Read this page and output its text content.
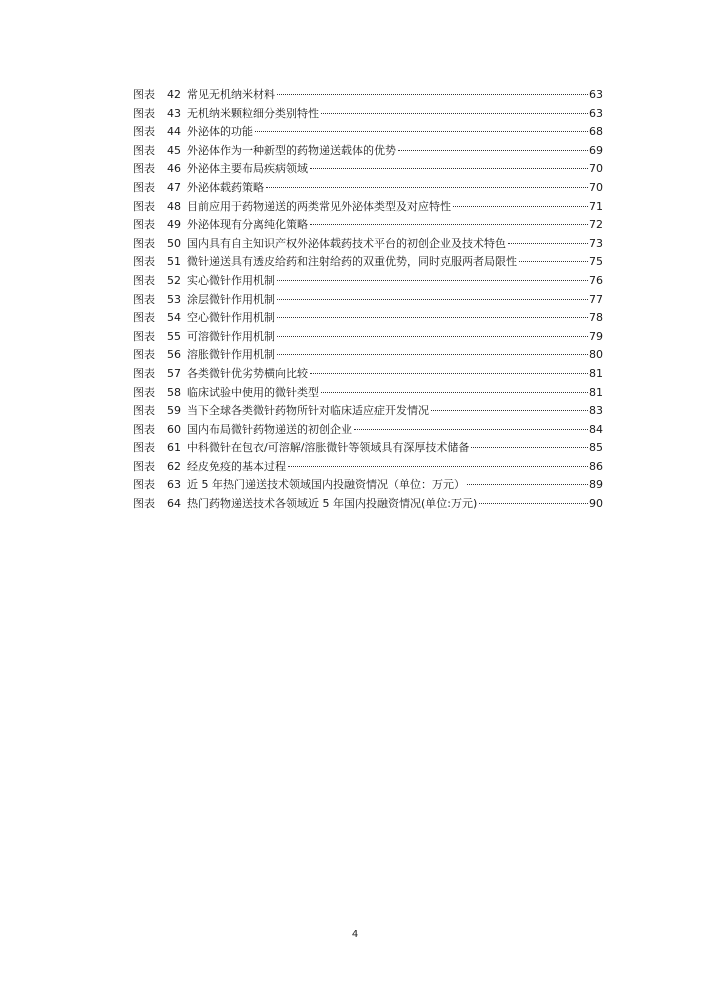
图表	42 常见无机纳米材料	63
图表	43 无机纳米颗粒细分类别特性	63
图表	44 外泌体的功能	68
图表	45 外泌体作为一种新型的药物递送载体的优势	69
图表	46 外泌体主要布局疾病领域	70
图表	47 外泌体载药策略	70
图表	48 目前应用于药物递送的两类常见外泌体类型及对应特性	71
图表	49 外泌体现有分离纯化策略	72
图表	50 国内具有自主知识产权外泌体载药技术平台的初创企业及技术特色	73
图表	51 微针递送具有透皮给药和注射给药的双重优势，同时克服两者局限性	75
图表	52 实心微针作用机制	76
图表	53 涂层微针作用机制	77
图表	54 空心微针作用机制	78
图表	55 可溶微针作用机制	79
图表	56 溶胀微针作用机制	80
图表	57 各类微针优劣势横向比较	81
图表	58 临床试验中使用的微针类型	81
图表	59 当下全球各类微针药物所针对临床适应症开发情况	83
图表	60 国内布局微针药物递送的初创企业	84
图表	61 中科微针在包衣/可溶解/溶胀微针等领域具有深厚技术储备	85
图表	62 经皮免疫的基本过程	86
图表	63 近 5 年热门递送技术领域国内投融资情况（单位：万元）	89
图表	64 热门药物递送技术各领域近 5 年国内投融资情况(单位:万元)	90
4
